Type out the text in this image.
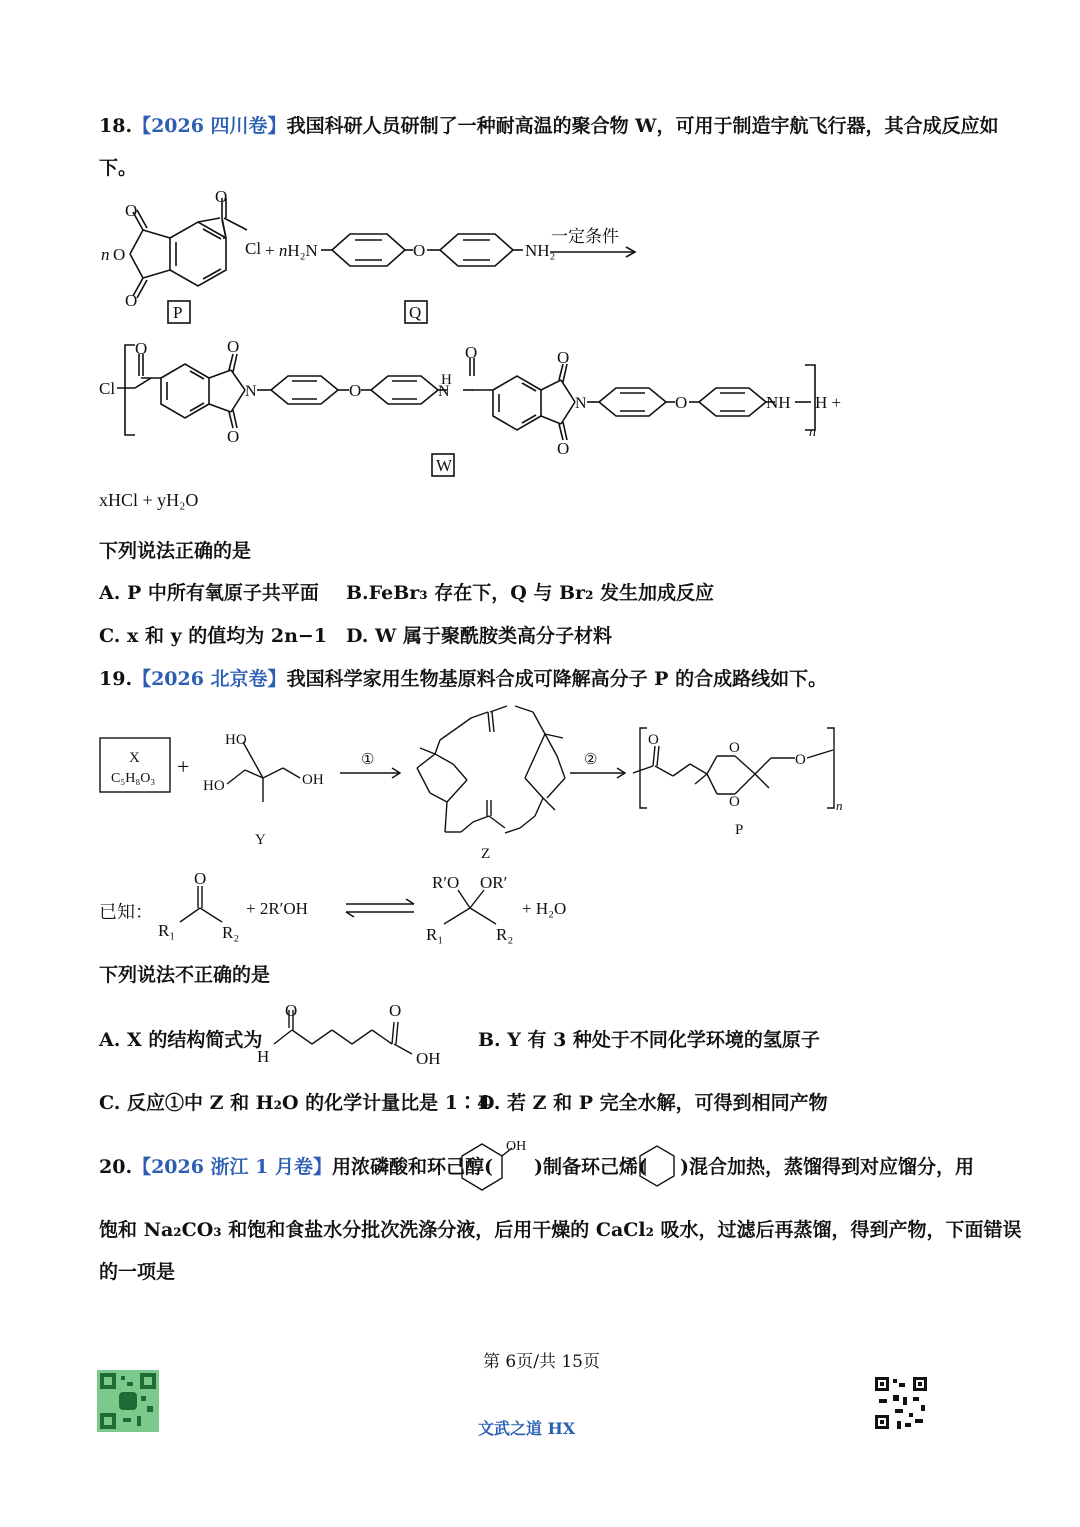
18.【2026 四川卷】我国科研人员研制了一种耐高温的聚合物 W，可用于制造宇航飞行器，其合成反应如
下。
n
O
O
O
O
Cl + nH₂N	O	NH₂
一定条件
P	Q
Cl
O	O
N
O
O
H
N
O	O
N
O
O	NH H +
n
W
xHCl + yH₂O
下列说法正确的是
A. P 中所有氧原子共平面 B.FeBr₃ 存在下，Q 与 Br₂ 发生加成反应
C. x 和 y 的值均为 2n−1 D. W 属于聚酰胺类高分子材料
19.【2026 北京卷】我国科学家用生物基原料合成可降解高分子 P 的合成路线如下。
X
C₅H₈O₃ +
HO
HO	OH
Y
①	②
Z
P
O	O
O
O
n
已知：
O
R₁	R₂
+ 2R′OH
R′O OR′
R₁	R₂
+ H₂O
下列说法不正确的是
A. X 的结构简式为
O
H
O
OH
B. Y 有 3 种处于不同化学环境的氢原子
C. 反应①中 Z 和 H₂O 的化学计量比是 1∶4
D. 若 Z 和 P 完全水解，可得到相同产物
20.【2026 浙江 1 月卷】用浓磷酸和环己醇(
OH
)制备环己烯( )混合加热，蒸馏得到对应馏分，用
饱和 Na₂CO₃ 和饱和食盐水分批次洗涤分液，后用干燥的 CaCl₂ 吸水，过滤后再蒸馏，得到产物，下面错误
的一项是
第 6页/共 15页
文武之道 HX
